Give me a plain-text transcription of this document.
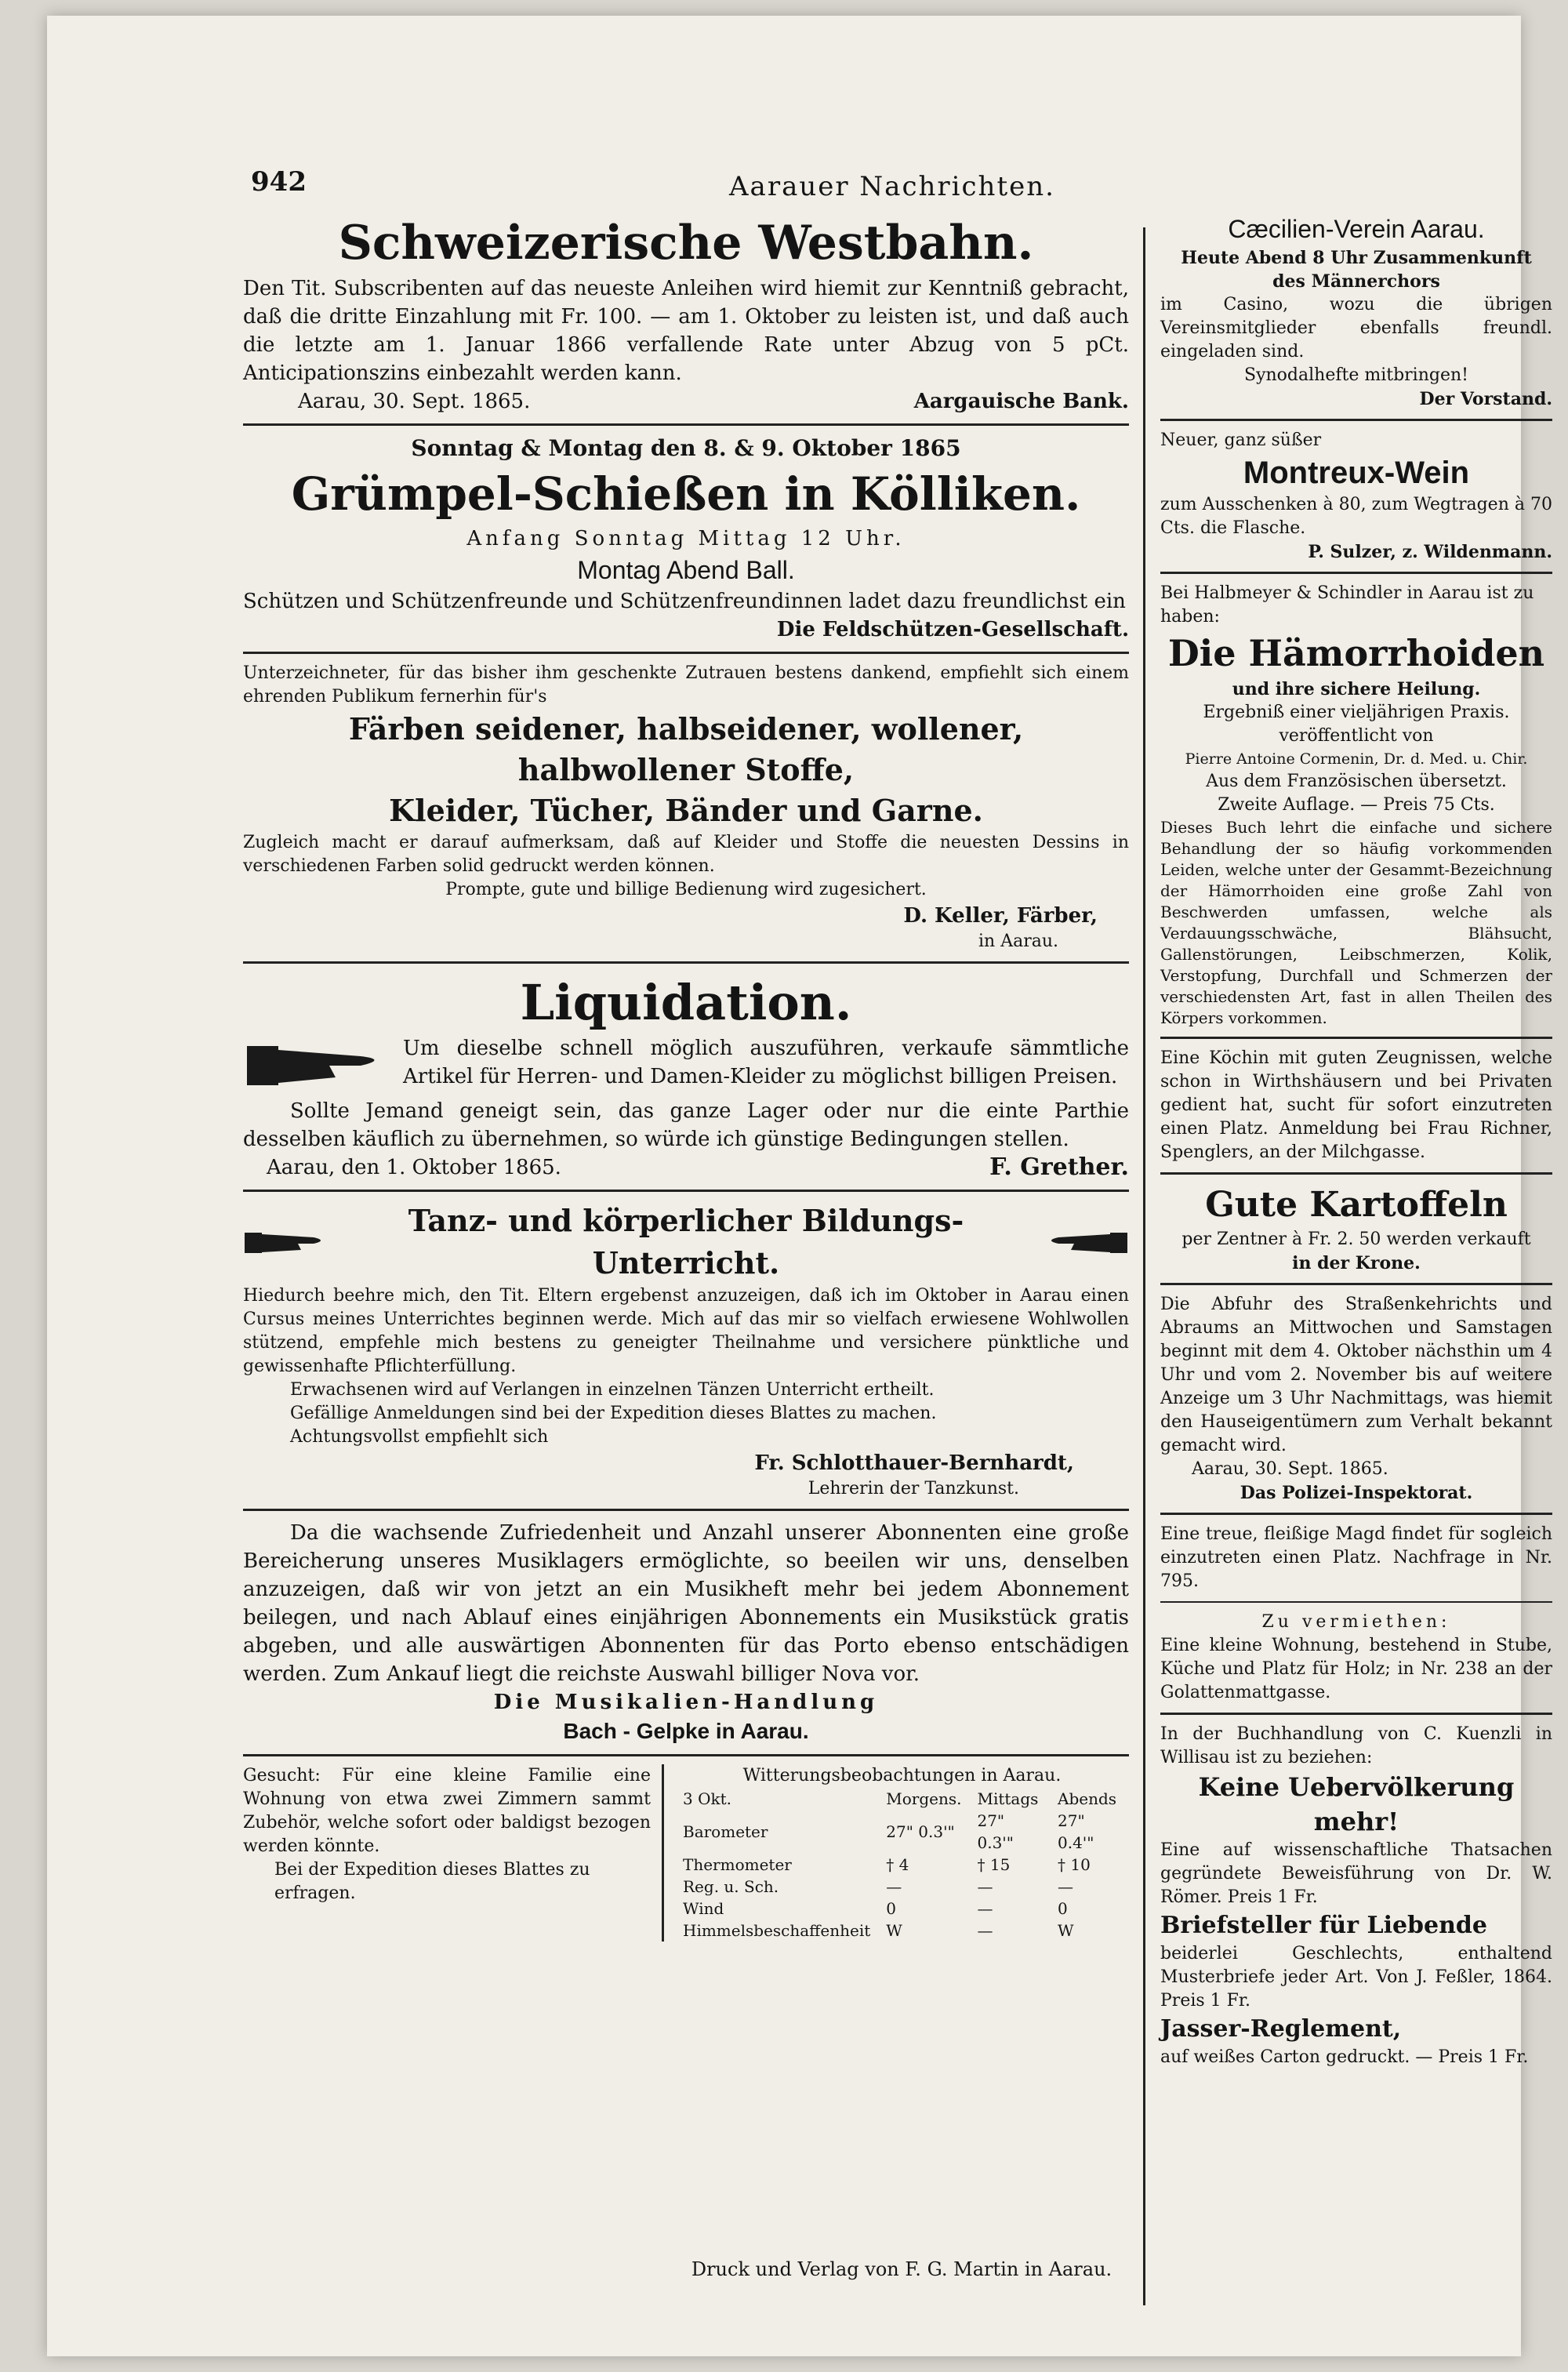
942	Aarauer Nachrichten.
Schweizerische Westbahn.
Den Tit. Subscribenten auf das neueste Anleihen wird hiemit zur Kenntniß gebracht, daß die dritte Einzahlung mit Fr. 100. — am 1. Oktober zu leisten ist, und daß auch die letzte am 1. Januar 1866 verfallende Rate unter Abzug von 5 pCt. Anticipationszins einbezahlt werden kann.
Aarau, 30. Sept. 1865.	Aargauische Bank.
Sonntag & Montag den 8. & 9. Oktober 1865
Grümpel-Schießen in Kölliken.
Anfang Sonntag Mittag 12 Uhr.
Montag Abend Ball.
Schützen und Schützenfreunde und Schützenfreundinnen ladet dazu freundlichst ein
Die Feldschützen-Gesellschaft.
Unterzeichneter, für das bisher ihm geschenkte Zutrauen bestens dankend, empfiehlt sich einem ehrenden Publikum fernerhin für's
Färben seidener, halbseidener, wollener, halbwollener Stoffe,
Kleider, Tücher, Bänder und Garne.
Zugleich macht er darauf aufmerksam, daß auf Kleider und Stoffe die neuesten Dessins in verschiedenen Farben solid gedruckt werden können.
Prompte, gute und billige Bedienung wird zugesichert.
D. Keller, Färber,
in Aarau.
Liquidation.
Um dieselbe schnell möglich auszuführen, verkaufe sämmtliche Artikel für Herren- und Damen-Kleider zu möglichst billigen Preisen.
Sollte Jemand geneigt sein, das ganze Lager oder nur die einte Parthie desselben käuflich zu übernehmen, so würde ich günstige Bedingungen stellen.
Aarau, den 1. Oktober 1865.	F. Grether.
Tanz- und körperlicher Bildungs-Unterricht.
Hiedurch beehre mich, den Tit. Eltern ergebenst anzuzeigen, daß ich im Oktober in Aarau einen Cursus meines Unterrichtes beginnen werde. Mich auf das mir so vielfach erwiesene Wohlwollen stützend, empfehle mich bestens zu geneigter Theilnahme und versichere pünktliche und gewissenhafte Pflichterfüllung.
Erwachsenen wird auf Verlangen in einzelnen Tänzen Unterricht ertheilt.
Gefällige Anmeldungen sind bei der Expedition dieses Blattes zu machen.
Achtungsvollst empfiehlt sich
Fr. Schlotthauer-Bernhardt,
Lehrerin der Tanzkunst.
Da die wachsende Zufriedenheit und Anzahl unserer Abonnenten eine große Bereicherung unseres Musiklagers ermöglichte, so beeilen wir uns, denselben anzuzeigen, daß wir von jetzt an ein Musikheft mehr bei jedem Abonnement beilegen, und nach Ablauf eines einjährigen Abonnements ein Musikstück gratis abgeben, und alle auswärtigen Abonnenten für das Porto ebenso entschädigen werden. Zum Ankauf liegt die reichste Auswahl billiger Nova vor.
Die Musikalien-Handlung
Bach - Gelpke in Aarau.
Gesucht: Für eine kleine Familie eine Wohnung von etwa zwei Zimmern sammt Zubehör, welche sofort oder baldigst bezogen werden könnte.
Bei der Expedition dieses Blattes zu erfragen.
Witterungsbeobachtungen in Aarau.
3 Okt.	Morgens.	Mittags	Abends
Barometer	27" 0.3'"	27" 0.3'"	27" 0.4'"
Thermometer	† 4	† 15	† 10
Reg. u. Sch.	—	—	—
Wind	0	—	0
Himmelsbeschaffenheit	W	—	W
Cæcilien-Verein Aarau.
Heute Abend 8 Uhr Zusammenkunft
des Männerchors
im Casino, wozu die übrigen Vereinsmitglieder ebenfalls freundl. eingeladen sind.
Synodalhefte mitbringen!
Der Vorstand.
Neuer, ganz süßer
Montreux-Wein
zum Ausschenken à 80, zum Wegtragen à 70 Cts. die Flasche.
P. Sulzer, z. Wildenmann.
Bei Halbmeyer & Schindler in Aarau ist zu haben:
Die Hämorrhoiden
und ihre sichere Heilung.
Ergebniß einer vieljährigen Praxis.
veröffentlicht von
Pierre Antoine Cormenin, Dr. d. Med. u. Chir.
Aus dem Französischen übersetzt.
Zweite Auflage. — Preis 75 Cts.
Dieses Buch lehrt die einfache und sichere Behandlung der so häufig vorkommenden Leiden, welche unter der Gesammt-Bezeichnung der Hämorrhoiden eine große Zahl von Beschwerden umfassen, welche als Verdauungsschwäche, Blähsucht, Gallenstörungen, Leibschmerzen, Kolik, Verstopfung, Durchfall und Schmerzen der verschiedensten Art, fast in allen Theilen des Körpers vorkommen.
Eine Köchin mit guten Zeugnissen, welche schon in Wirthshäusern und bei Privaten gedient hat, sucht für sofort einzutreten einen Platz. Anmeldung bei Frau Richner, Spenglers, an der Milchgasse.
Gute Kartoffeln
per Zentner à Fr. 2. 50 werden verkauft
in der Krone.
Die Abfuhr des Straßenkehrichts und Abraums an Mittwochen und Samstagen beginnt mit dem 4. Oktober nächsthin um 4 Uhr und vom 2. November bis auf weitere Anzeige um 3 Uhr Nachmittags, was hiemit den Hauseigentümern zum Verhalt bekannt gemacht wird.
Aarau, 30. Sept. 1865.
Das Polizei-Inspektorat.
Eine treue, fleißige Magd findet für sogleich einzutreten einen Platz. Nachfrage in Nr. 795.
Zu vermiethen:
Eine kleine Wohnung, bestehend in Stube, Küche und Platz für Holz; in Nr. 238 an der Golattenmattgasse.
In der Buchhandlung von C. Kuenzli in Willisau ist zu beziehen:
Keine Uebervölkerung mehr!
Eine auf wissenschaftliche Thatsachen gegründete Beweisführung von Dr. W. Römer. Preis 1 Fr.
Briefsteller für Liebende
beiderlei Geschlechts, enthaltend Musterbriefe jeder Art. Von J. Feßler, 1864. Preis 1 Fr.
Jasser-Reglement,
auf weißes Carton gedruckt. — Preis 1 Fr.
Druck und Verlag von F. G. Martin in Aarau.
